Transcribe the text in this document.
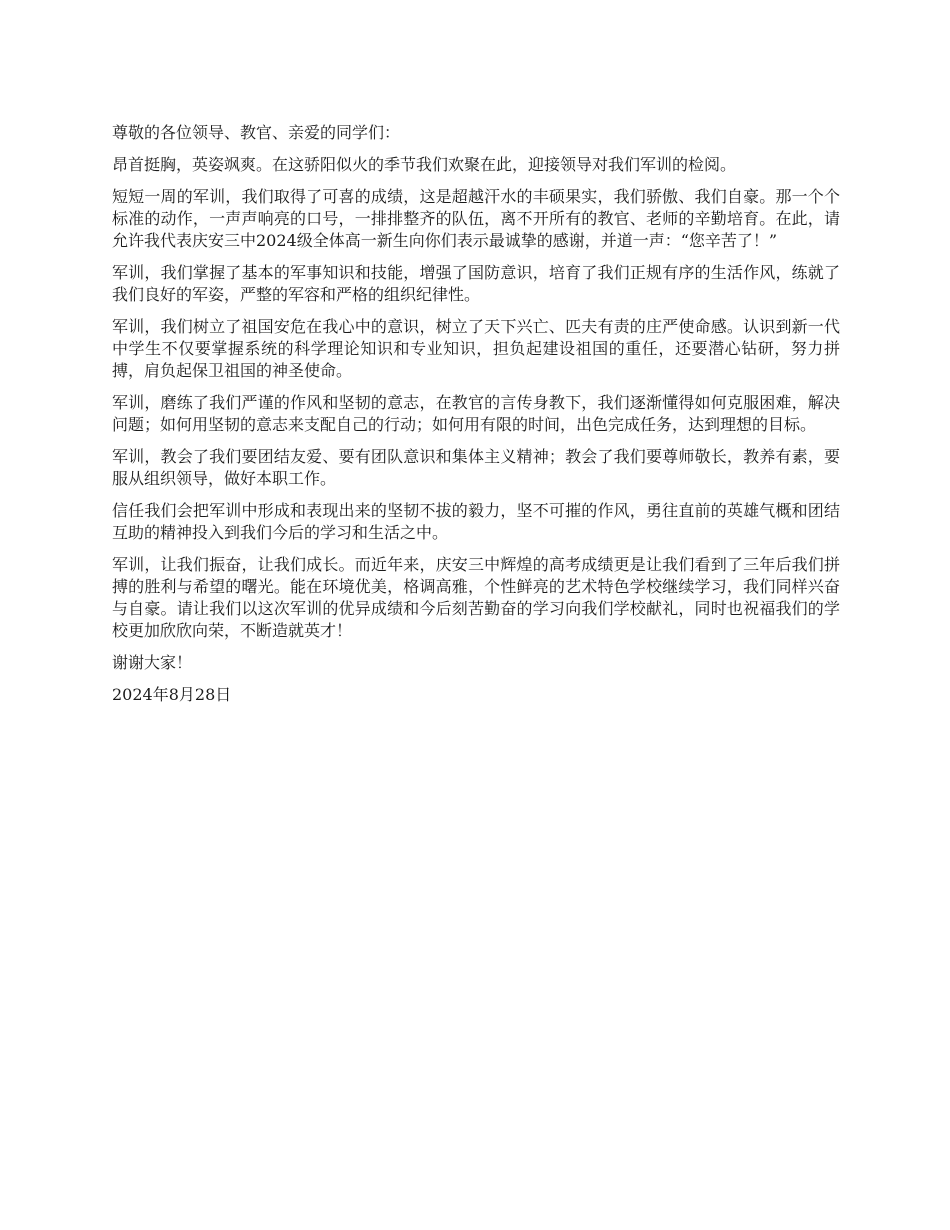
尊敬的各位领导、教官、亲爱的同学们：

昂首挺胸，英姿飒爽。在这骄阳似火的季节我们欢聚在此，迎接领导对我们军训的检阅。

短短一周的军训，我们取得了可喜的成绩，这是超越汗水的丰硕果实，我们骄傲、我们自豪。那一个个标准的动作，一声声响亮的口号，一排排整齐的队伍，离不开所有的教官、老师的辛勤培育。在此，请允许我代表庆安三中2024级全体高一新生向你们表示最诚挚的感谢，并道一声：“您辛苦了！”

军训，我们掌握了基本的军事知识和技能，增强了国防意识，培育了我们正规有序的生活作风，练就了我们良好的军姿，严整的军容和严格的组织纪律性。

军训，我们树立了祖国安危在我心中的意识，树立了天下兴亡、匹夫有责的庄严使命感。认识到新一代中学生不仅要掌握系统的科学理论知识和专业知识，担负起建设祖国的重任，还要潜心钻研，努力拼搏，肩负起保卫祖国的神圣使命。

军训，磨练了我们严谨的作风和坚韧的意志，在教官的言传身教下，我们逐渐懂得如何克服困难，解决问题；如何用坚韧的意志来支配自己的行动；如何用有限的时间，出色完成任务，达到理想的目标。

军训，教会了我们要团结友爱、要有团队意识和集体主义精神；教会了我们要尊师敬长，教养有素，要服从组织领导，做好本职工作。

信任我们会把军训中形成和表现出来的坚韧不拔的毅力，坚不可摧的作风，勇往直前的英雄气概和团结互助的精神投入到我们今后的学习和生活之中。

军训，让我们振奋，让我们成长。而近年来，庆安三中辉煌的高考成绩更是让我们看到了三年后我们拼搏的胜利与希望的曙光。能在环境优美，格调高雅，个性鲜亮的艺术特色学校继续学习，我们同样兴奋与自豪。请让我们以这次军训的优异成绩和今后刻苦勤奋的学习向我们学校献礼，同时也祝福我们的学校更加欣欣向荣，不断造就英才！

谢谢大家！

2024年8月28日
